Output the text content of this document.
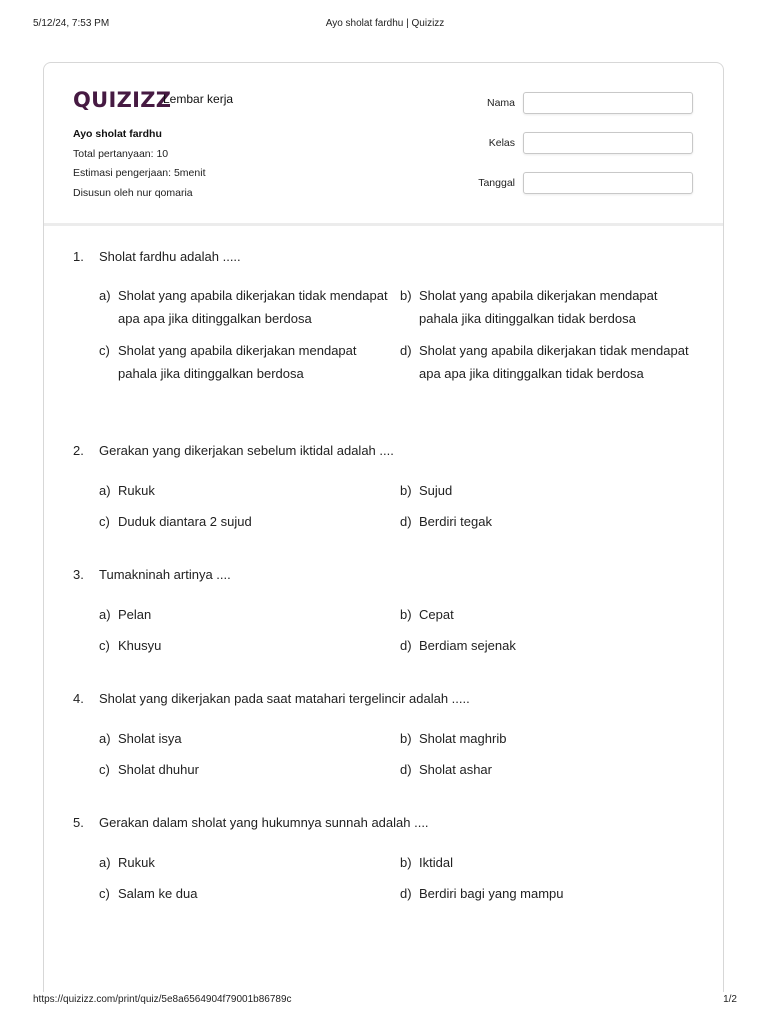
5/12/24, 7:53 PM	Ayo sholat fardhu | Quizizz
QUIZIZZ
Lembar kerja
Ayo sholat fardhu
Total pertanyaan: 10
Estimasi pengerjaan: 5menit
Disusun oleh nur qomaria
Nama
Kelas
Tanggal
1. Sholat fardhu adalah .....
a) Sholat yang apabila dikerjakan tidak mendapat apa apa jika ditinggalkan berdosa
b) Sholat yang apabila dikerjakan mendapat pahala jika ditinggalkan tidak berdosa
c) Sholat yang apabila dikerjakan mendapat pahala jika ditinggalkan berdosa
d) Sholat yang apabila dikerjakan tidak mendapat apa apa jika ditinggalkan tidak berdosa
2. Gerakan yang dikerjakan sebelum iktidal adalah ....
a) Rukuk	b) Sujud
c) Duduk diantara 2 sujud	d) Berdiri tegak
3. Tumakninah artinya ....
a) Pelan	b) Cepat
c) Khusyu	d) Berdiam sejenak
4. Sholat yang dikerjakan pada saat matahari tergelincir adalah .....
a) Sholat isya	b) Sholat maghrib
c) Sholat dhuhur	d) Sholat ashar
5. Gerakan dalam sholat yang hukumnya sunnah adalah ....
a) Rukuk	b) Iktidal
c) Salam ke dua	d) Berdiri bagi yang mampu
https://quizizz.com/print/quiz/5e8a6564904f79001b86789c	1/2
